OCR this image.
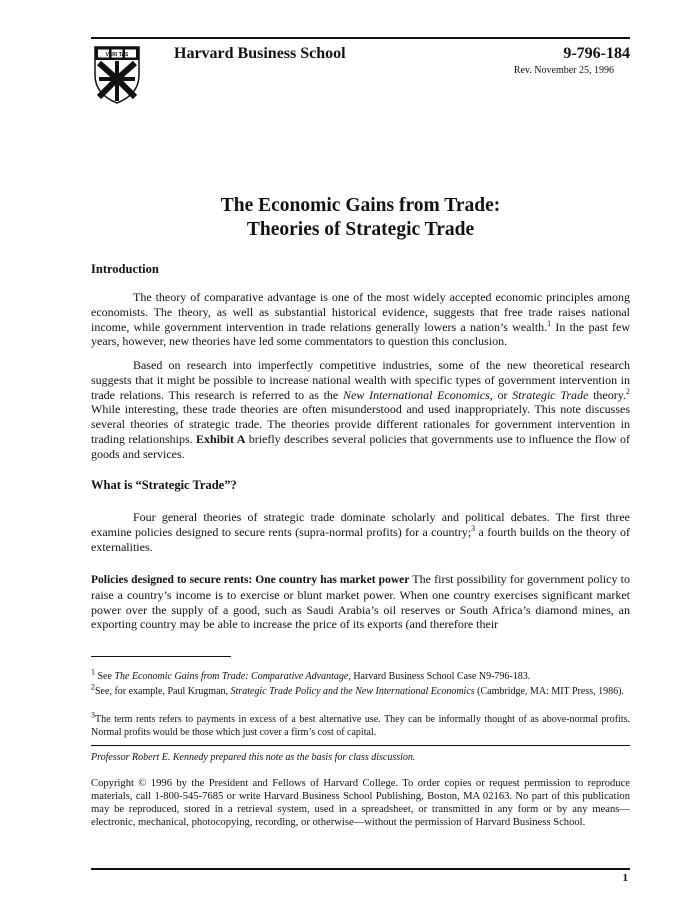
VERI TAS	Harvard Business School	9-796-184
Rev. November 25, 1996
The Economic Gains from Trade:
Theories of Strategic Trade
Introduction

The theory of comparative advantage is one of the most widely accepted economic principles among economists. The theory, as well as substantial historical evidence, suggests that free trade raises national income, while government intervention in trade relations generally lowers a nation’s wealth.$^1$ In the past few years, however, new theories have led some commentators to question this conclusion.

Based on research into imperfectly competitive industries, some of the new theoretical research suggests that it might be possible to increase national wealth with specific types of government intervention in trade relations. This research is referred to as the New International Economics, or Strategic Trade theory.$^2$ While interesting, these trade theories are often misunderstood and used inappropriately. This note discusses several theories of strategic trade. The theories provide different rationales for government intervention in trading relationships. Exhibit A briefly describes several policies that governments use to influence the flow of goods and services.

What is “Strategic Trade”?

Four general theories of strategic trade dominate scholarly and political debates. The first three examine policies designed to secure rents (supra-normal profits) for a country;$^3$ a fourth builds on the theory of externalities.

Policies designed to secure rents: One country has market power The first possibility for government policy to raise a country’s income is to exercise or blunt market power. When one country exercises significant market power over the supply of a good, such as Saudi Arabia’s oil reserves or South Africa’s diamond mines, an exporting country may be able to increase the price of its exports (and therefore their

$^1$ See The Economic Gains from Trade: Comparative Advantage, Harvard Business School Case N9-796-183.

$^2$See, for example, Paul Krugman, Strategic Trade Policy and the New International Economics (Cambridge, MA: MIT Press, 1986).

$^3$The term rents refers to payments in excess of a best alternative use. They can be informally thought of as above-normal profits. Normal profits would be those which just cover a firm’s cost of capital.

Professor Robert E. Kennedy prepared this note as the basis for class discussion.

Copyright © 1996 by the President and Fellows of Harvard College. To order copies or request permission to reproduce materials, call 1-800-545-7685 or write Harvard Business School Publishing, Boston, MA 02163. No part of this publication may be reproduced, stored in a retrieval system, used in a spreadsheet, or transmitted in any form or by any means—electronic, mechanical, photocopying, recording, or otherwise—without the permission of Harvard Business School.

1
